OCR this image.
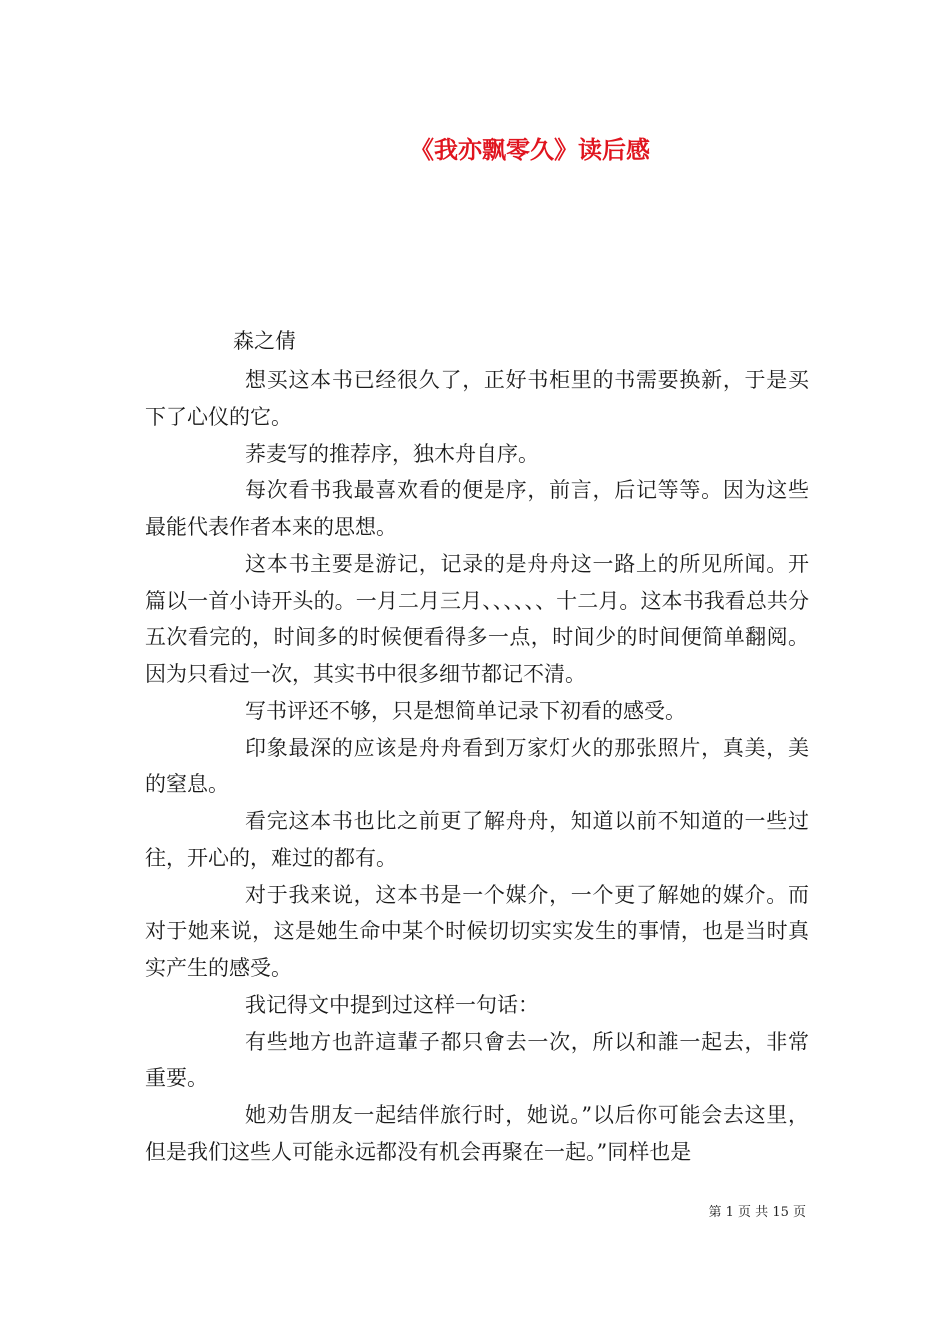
《我亦飘零久》读后感
森之倩

想买这本书已经很久了，正好书柜里的书需要换新，于是买下了心仪的它。

荞麦写的推荐序，独木舟自序。

每次看书我最喜欢看的便是序，前言，后记等等。因为这些最能代表作者本来的思想。

这本书主要是游记，记录的是舟舟这一路上的所见所闻。开篇以一首小诗开头的。一月二月三月、、、、、、十二月。这本书我看总共分五次看完的，时间多的时候便看得多一点，时间少的时间便简单翻阅。因为只看过一次，其实书中很多细节都记不清。

写书评还不够，只是想简单记录下初看的感受。

印象最深的应该是舟舟看到万家灯火的那张照片，真美，美的窒息。

看完这本书也比之前更了解舟舟，知道以前不知道的一些过往，开心的，难过的都有。

对于我来说，这本书是一个媒介，一个更了解她的媒介。而对于她来说，这是她生命中某个时候切切实实发生的事情，也是当时真实产生的感受。

我记得文中提到过这样一句话：

有些地方也許這輩子都只會去一次，所以和誰一起去，非常重要。

她劝告朋友一起结伴旅行时，她说。”以后你可能会去这里，但是我们这些人可能永远都没有机会再聚在一起。”同样也是

第 1 页 共 15 页
